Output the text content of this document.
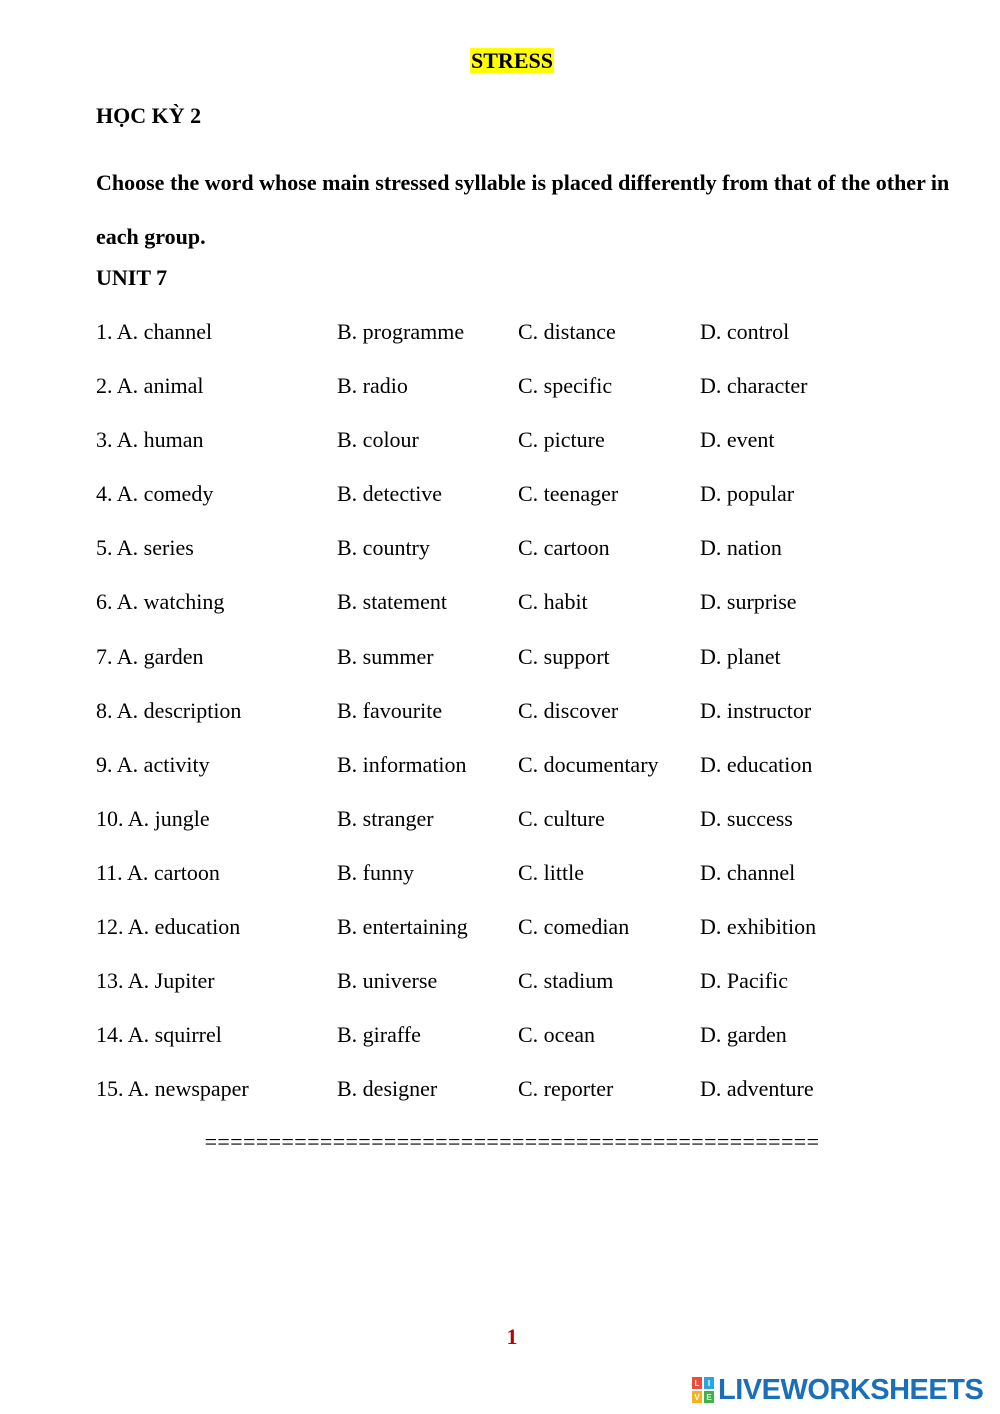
STRESS
HỌC KỲ 2
Choose the word whose main stressed syllable is placed differently from that of the other in each group.
UNIT 7
1. A. channel	B. programme C. distance	D. control
2. A. animal	B. radio	C. specific	D. character
3. A. human	B. colour	C. picture	D. event
4. A. comedy	B. detective	C. teenager	D. popular
5. A. series	B. country	C. cartoon	D. nation
6. A. watching	B. statement	C. habit	D. surprise
7. A. garden	B. summer	C. support	D. planet
8. A. description	B. favourite	C. discover	D. instructor
9. A. activity	B. information C. documentary D. education
10. A. jungle	B. stranger	C. culture	D. success
11. A. cartoon	B. funny	C. little	D. channel
12. A. education	B. entertaining C. comedian	D. exhibition
13. A. Jupiter	B. universe	C. stadium	D. Pacific
14. A. squirrel	B. giraffe	C. ocean	D. garden
15. A. newspaper	B. designer	C. reporter	D. adventure
================================================
1
L I
V E LIVEWORKSHEETS
